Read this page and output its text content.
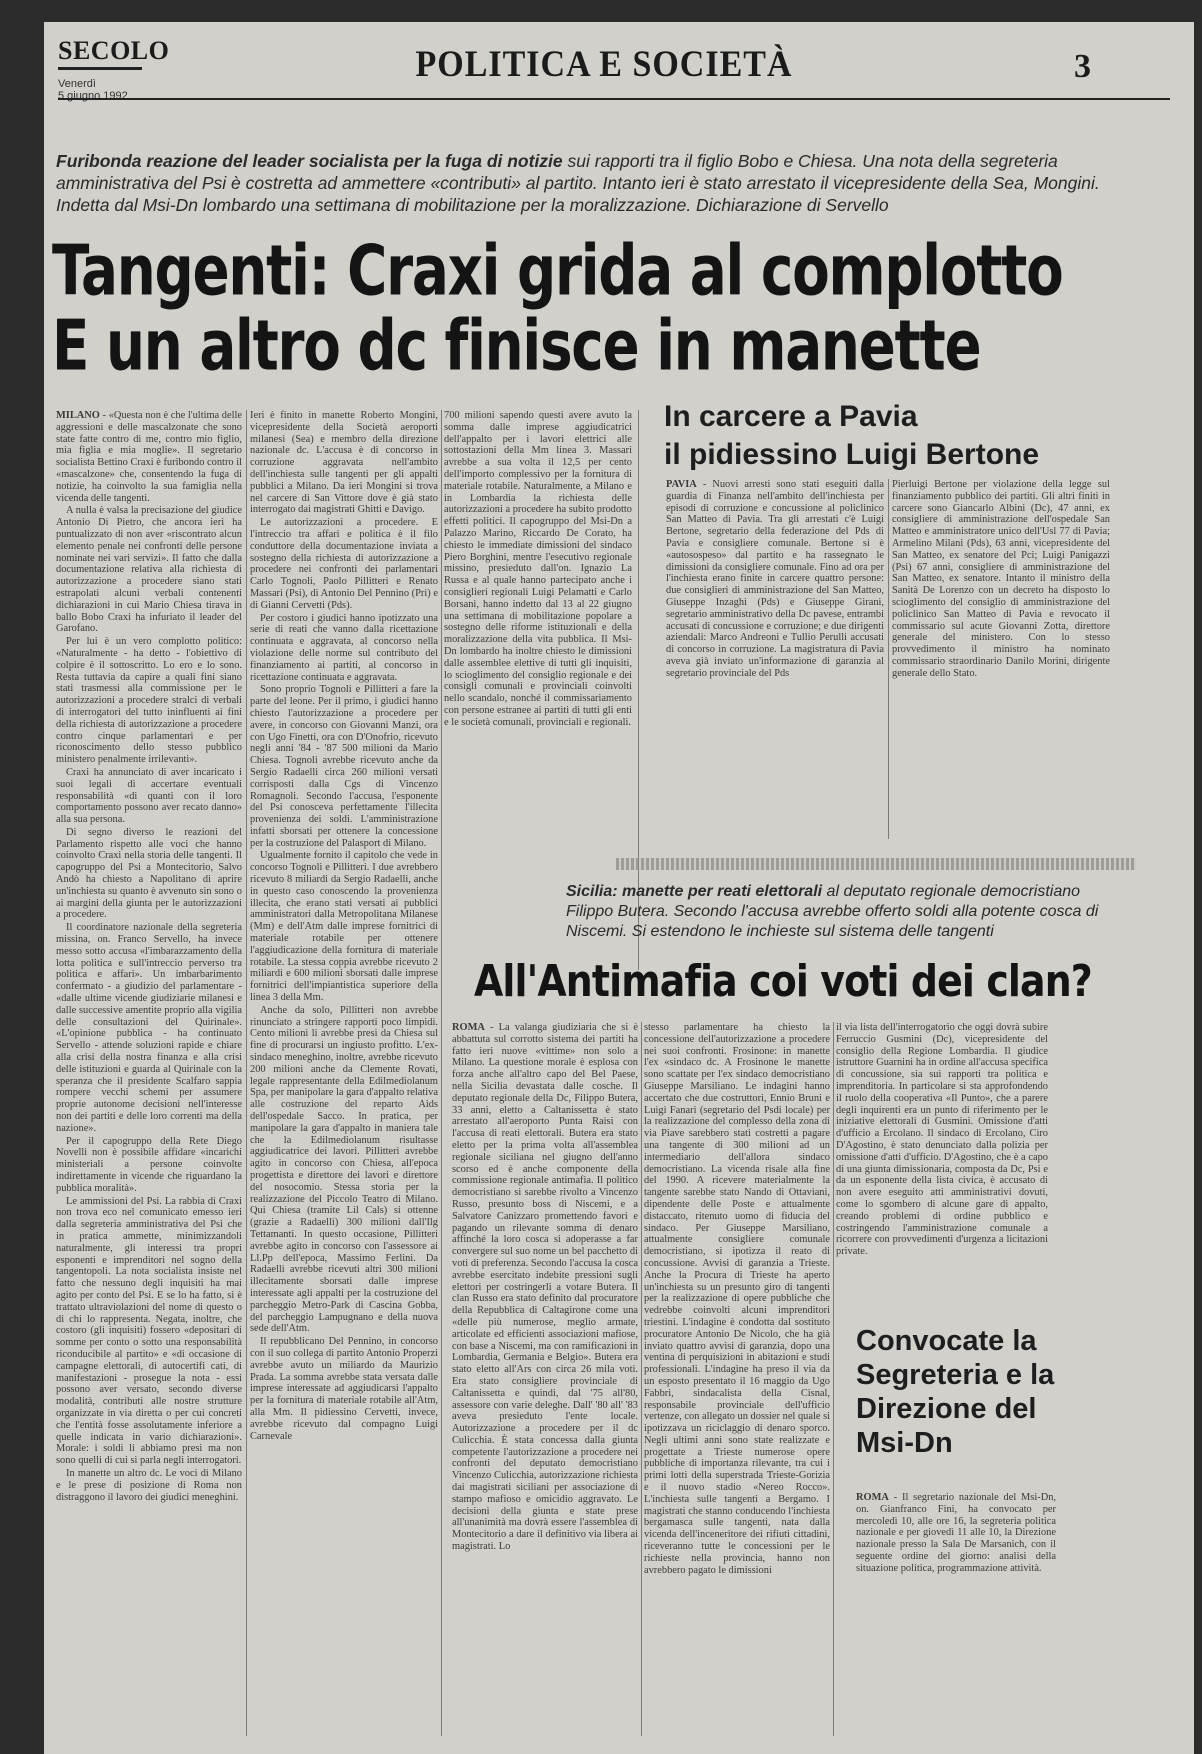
SECOLO
Venerdì
5 giugno 1992
POLITICA E SOCIETÀ	3
Furibonda reazione del leader socialista per la fuga di notizie sui rapporti tra il figlio Bobo e Chiesa. Una nota della segreteria amministrativa del Psi è costretta ad ammettere «contributi» al partito. Intanto ieri è stato arrestato il vicepresidente della Sea, Mongini. Indetta dal Msi-Dn lombardo una settimana di mobilitazione per la moralizzazione. Dichiarazione di Servello
Tangenti: Craxi grida al complotto
E un altro dc finisce in manette

MILANO - «Questa non è che l'ultima delle aggressioni e delle mascalzonate che sono state fatte contro di me, contro mio figlio, mia figlia e mia moglie». Il segretario socialista Bettino Craxi è furibondo contro il «mascalzone» che, consentendo la fuga di notizie, ha coinvolto la sua famiglia nella vicenda delle tangenti.

A nulla è valsa la precisazione del giudice Antonio Di Pietro, che ancora ieri ha puntualizzato di non aver «riscontrato alcun elemento penale nei confronti delle persone nominate nei vari servizi». Il fatto che dalla documentazione relativa alla richiesta di autorizzazione a procedere siano stati estrapolati alcuni verbali contenenti dichiarazioni in cui Mario Chiesa tirava in ballo Bobo Craxi ha infuriato il leader del Garofano.

Per lui è un vero complotto politico: «Naturalmente - ha detto - l'obiettivo di colpire è il sottoscritto. Lo ero e lo sono. Resta tuttavia da capire a quali fini siano stati trasmessi alla commissione per le autorizzazioni a procedere stralci di verbali di interrogatori del tutto ininfluenti ai fini della richiesta di autorizzazione a procedere contro cinque parlamentari e per riconoscimento dello stesso pubblico ministero penalmente irrilevanti».

Craxi ha annunciato di aver incaricato i suoi legali di accertare eventuali responsabilità «di quanti con il loro comportamento possono aver recato danno» alla sua persona.

Di segno diverso le reazioni del Parlamento rispetto alle voci che hanno coinvolto Craxi nella storia delle tangenti. Il capogruppo del Psi a Montecitorio, Salvo Andò ha chiesto a Napolitano di aprire un'inchiesta su quanto è avvenuto sin sono o ai margini della giunta per le autorizzazioni a procedere.

Il coordinatore nazionale della segreteria missina, on. Franco Servello, ha invece messo sotto accusa «l'imbarazzamento della lotta politica e sull'intreccio perverso tra politica e affari». Un imbarbarimento confermato - a giudizio del parlamentare - «dalle ultime vicende giudiziarie milanesi e dalle successive amentite proprio alla vigilia delle consultazioni del Quirinale». «L'opinione pubblica - ha continuato Servello - attende soluzioni rapide e chiare alla crisi della nostra finanza e alla crisi delle istituzioni e guarda al Quirinale con la speranza che il presidente Scalfaro sappia rompere vecchi schemi per assumere proprie autonome decisioni nell'interesse non dei partiti e delle loro correnti ma della nazione».

Per il capogruppo della Rete Diego Novelli non è possibile affidare «incarichi ministeriali a persone coinvolte indirettamente in vicende che riguardano la pubblica moralità».

Le ammissioni del Psi. La rabbia di Craxi non trova eco nel comunicato emesso ieri dalla segreteria amministrativa del Psi che in pratica ammette, minimizzandoli naturalmente, gli interessi tra propri esponenti e imprenditori nel sogno della tangentopoli. La nota socialista insiste nel fatto che nessuno degli inquisiti ha mai agito per conto del Psi. E se lo ha fatto, si è trattato ultraviolazioni del nome di questo o di chi lo rappresenta. Negata, inoltre, che costoro (gli inquisiti) fossero «depositari di somme per conto o sotto una responsabilità riconducibile al partito» e «di occasione di campagne elettorali, di autocertifi cati, di manifestazioni - prosegue la nota - essi possono aver versato, secondo diverse modalità, contributi alle nostre strutture organizzate in via diretta o per cui concreti che l'entità fosse assolutamente inferiore a quelle indicata in vario dichiarazioni». Morale: i soldi li abbiamo presi ma non sono quelli di cui si parla negli interrogatori.

In manette un altro dc. Le voci di Milano e le prese di posizione di Roma non distraggono il lavoro dei giudici meneghini.

Ieri è finito in manette Roberto Mongini, vicepresidente della Società aeroporti milanesi (Sea) e membro della direzione nazionale dc. L'accusa è di concorso in corruzione aggravata nell'ambito dell'inchiesta sulle tangenti per gli appalti pubblici a Milano. Da ieri Mongini si trova nel carcere di San Vittore dove è già stato interrogato dai magistrati Ghitti e Davigo.

Le autorizzazioni a procedere. E l'intreccio tra affari e politica è il filo conduttore della documentazione inviata a sostegno della richiesta di autorizzazione a procedere nei confronti dei parlamentari Carlo Tognoli, Paolo Pillitteri e Renato Massari (Psi), di Antonio Del Pennino (Pri) e di Gianni Cervetti (Pds).

Per costoro i giudici hanno ipotizzato una serie di reati che vanno dalla ricettazione continuata e aggravata, al concorso nella violazione delle norme sul contributo del finanziamento ai partiti, al concorso in ricettazione continuata e aggravata.

Sono proprio Tognoli e Pillitteri a fare la parte del leone. Per il primo, i giudici hanno chiesto l'autorizzazione a procedere per avere, in concorso con Giovanni Manzi, ora con Ugo Finetti, ora con D'Onofrio, ricevuto negli anni '84 - '87 500 milioni da Mario Chiesa. Tognoli avrebbe ricevuto anche da Sergio Radaelli circa 260 milioni versati corrisposti dalla Cgs di Vincenzo Romagnoli. Secondo l'accusa, l'esponente del Psi conosceva perfettamente l'illecita provenienza dei soldi. L'amministrazione infatti sborsati per ottenere la concessione per la costruzione del Palasport di Milano.

Ugualmente fornito il capitolo che vede in concorso Tognoli e Pillitteri. I due avrebbero ricevuto 8 miliardi da Sergio Radaelli, anche in questo caso conoscendo la provenienza illecita, che erano stati versati ai pubblici amministratori dalla Metropolitana Milanese (Mm) e dell'Atm dalle imprese fornitrici di materiale rotabile per ottenere l'aggiudicazione della fornitura di materiale rotabile. La stessa coppia avrebbe ricevuto 2 miliardi e 600 milioni sborsati dalle imprese fornitrici dell'impiantistica superiore della linea 3 della Mm.

Anche da solo, Pillitteri non avrebbe rinunciato a stringere rapporti poco limpidi. Cento milioni li avrebbe presi da Chiesa sul fine di procurarsi un ingiusto profitto. L'ex-sindaco meneghino, inoltre, avrebbe ricevuto 200 milioni anche da Clemente Rovati, legale rappresentante della Edilmediolanum Spa, per manipolare la gara d'appalto relativa alle costruzione del reparto Aids dell'ospedale Sacco. In pratica, per manipolare la gara d'appalto in maniera tale che la Edilmediolanum risultasse aggiudicatrice dei lavori. Pillitteri avrebbe agito in concorso con Chiesa, all'epoca progettista e direttore dei lavori e direttore del nosocomio. Stessa storia per la realizzazione del Piccolo Teatro di Milano. Qui Chiesa (tramite Lil Cals) si ottenne (grazie a Radaelli) 300 milioni dall'Ilg Tettamanti. In questo occasione, Pillitteri avrebbe agito in concorso con l'assessore ai Ll.Pp dell'epoca, Massimo Ferlini. Da Radaelli avrebbe ricevuti altri 300 milioni illecitamente sborsati dalle imprese interessate agli appalti per la costruzione del parcheggio Metro-Park di Cascina Gobba, del parcheggio Lampugnano e della nuova sede dell'Atm.

Il repubblicano Del Pennino, in concorso con il suo collega di partito Antonio Properzi avrebbe avuto un miliardo da Maurizio Prada. La somma avrebbe stata versata dalle imprese interessate ad aggiudicarsi l'appalto per la fornitura di materiale rotabile all'Atm, alla Mm. Il pidiessino Cervetti, invece, avrebbe ricevuto dal compagno Luigi Carnevale

700 milioni sapendo questi avere avuto la somma dalle imprese aggiudicatrici dell'appalto per i lavori elettrici alle sottostazioni della Mm linea 3. Massari avrebbe a sua volta il 12,5 per cento dell'importo complessivo per la fornitura di materiale rotabile. Naturalmente, a Milano e in Lombardia la richiesta delle autorizzazioni a procedere ha subito prodotto effetti politici. Il capogruppo del Msi-Dn a Palazzo Marino, Riccardo De Corato, ha chiesto le immediate dimissioni del sindaco Piero Borghini, mentre l'esecutivo regionale missino, presieduto dall'on. Ignazio La Russa e al quale hanno partecipato anche i consiglieri regionali Luigi Pelamatti e Carlo Borsani, hanno indetto dal 13 al 22 giugno una settimana di mobilitazione popolare a sostegno delle riforme istituzionali e della moralizzazione della vita pubblica. Il Msi-Dn lombardo ha inoltre chiesto le dimissioni dalle assemblee elettive di tutti gli inquisiti, lo scioglimento del consiglio regionale e dei consigli comunali e provinciali coinvolti nello scandalo, nonché il commissariamento con persone estranee ai partiti di tutti gli enti e le società comunali, provinciali e regionali.

In carcere a Pavia
il pidiessino Luigi Bertone

PAVIA - Nuovi arresti sono stati eseguiti dalla guardia di Finanza nell'ambito dell'inchiesta per episodi di corruzione e concussione al policlinico San Matteo di Pavia. Tra gli arrestati c'è Luigi Bertone, segretario della federazione del Pds di Pavia e consigliere comunale. Bertone si è «autosospeso» dal partito e ha rassegnato le dimissioni da consigliere comunale. Fino ad ora per l'inchiesta erano finite in carcere quattro persone: due consiglieri di amministrazione del San Matteo, Giuseppe Inzaghi (Pds) e Giuseppe Girani, segretario amministrativo della Dc pavese, entrambi accusati di concussione e corruzione; e due dirigenti aziendali: Marco Andreoni e Tullio Perulli accusati di concorso in corruzione. La magistratura di Pavia aveva già inviato un'informazione di garanzia al segretario provinciale del Pds

Pierluigi Bertone per violazione della legge sul finanziamento pubblico dei partiti. Gli altri finiti in carcere sono Giancarlo Albini (Dc), 47 anni, ex consigliere di amministrazione dell'ospedale San Matteo e amministratore unico dell'Usl 77 di Pavia; Armelino Milani (Pds), 63 anni, vicepresidente del San Matteo, ex senatore del Pci; Luigi Panigazzi (Psi) 67 anni, consigliere di amministrazione del San Matteo, ex senatore. Intanto il ministro della Sanità De Lorenzo con un decreto ha disposto lo scioglimento del consiglio di amministrazione del policlinico San Matteo di Pavia e revocato il commissario sul acute Giovanni Zotta, direttore generale del ministero. Con lo stesso provvedimento il ministro ha nominato commissario straordinario Danilo Morini, dirigente generale dello Stato.

Sicilia: manette per reati elettorali al deputato regionale democristiano Filippo Butera. Secondo l'accusa avrebbe offerto soldi alla potente cosca di Niscemi. Si estendono le inchieste sul sistema delle tangenti
All'Antimafia coi voti dei clan?

ROMA - La valanga giudiziaria che si è abbattuta sul corrotto sistema dei partiti ha fatto ieri nuove «vittime» non solo a Milano. La questione morale è esplosa con forza anche all'altro capo del Bel Paese, nella Sicilia devastata dalle cosche. Il deputato regionale della Dc, Filippo Butera, 33 anni, eletto a Caltanissetta è stato arrestato all'aeroporto Punta Raisi con l'accusa di reati elettorali. Butera era stato eletto per la prima volta all'assemblea regionale siciliana nel giugno dell'anno scorso ed è anche componente della commissione regionale antimafia. Il politico democristiano si sarebbe rivolto a Vincenzo Russo, presunto boss di Niscemi, e a Salvatore Canizzaro promettendo favori e pagando un rilevante somma di denaro affinché la loro cosca si adoperasse a far convergere sul suo nome un bel pacchetto di voti di preferenza. Secondo l'accusa la cosca avrebbe esercitato indebite pressioni sugli elettori per costringerli a votare Butera. Il clan Russo era stato definito dal procuratore della Repubblica di Caltagirone come una «delle più numerose, meglio armate, articolate ed efficienti associazioni mafiose, con base a Niscemi, ma con ramificazioni in Lombardia, Germania e Belgio». Butera era stato eletto all'Ars con circa 26 mila voti. Era stato consigliere provinciale di Caltanissetta e quindi, dal '75 all'80, assessore con varie deleghe. Dall' '80 all' '83 aveva presieduto l'ente locale. Autorizzazione a procedere per il dc Culicchia. È stata concessa dalla giunta competente l'autorizzazione a procedere nei confronti del deputato democristiano Vincenzo Culicchia, autorizzazione richiesta dai magistrati siciliani per associazione di stampo mafioso e omicidio aggravato. Le decisioni della giunta e state prese all'unanimità ma dovrà essere l'assemblea di Montecitorio a dare il definitivo via libera ai magistrati. Lo

stesso parlamentare ha chiesto la concessione dell'autorizzazione a procedere nei suoi confronti. Frosinone: in manette l'ex «sindaco dc. A Frosinone le manette sono scattate per l'ex sindaco democristiano Giuseppe Marsiliano. Le indagini hanno accertato che due costruttori, Ennio Bruni e Luigi Fanari (segretario del Psdi locale) per la realizzazione del complesso della zona di via Piave sarebbero stati costretti a pagare una tangente di 300 milioni ad un intermediario dell'allora sindaco democristiano. La vicenda risale alla fine del 1990. A ricevere materialmente la tangente sarebbe stato Nando di Ottaviani, dipendente delle Poste e attualmente distaccato, ritenuto uomo di fiducia del sindaco. Per Giuseppe Marsiliano, attualmente consigliere comunale democristiano, si ipotizza il reato di concussione. Avvisi di garanzia a Trieste. Anche la Procura di Trieste ha aperto un'inchiesta su un presunto giro di tangenti per la realizzazione di opere pubbliche che vedrebbe coinvolti alcuni imprenditori triestini. L'indagine è condotta dal sostituto procuratore Antonio De Nicolo, che ha già inviato quattro avvisi di garanzia, dopo una ventina di perquisizioni in abitazioni e studi professionali. L'indagine ha preso il via da un esposto presentato il 16 maggio da Ugo Fabbri, sindacalista della Cisnal, responsabile provinciale dell'ufficio vertenze, con allegato un dossier nel quale si ipotizzava un riciclaggio di denaro sporco. Negli ultimi anni sono state realizzate e progettate a Trieste numerose opere pubbliche di importanza rilevante, tra cui i primi lotti della superstrada Trieste-Gorizia e il nuovo stadio «Nereo Rocco». L'inchiesta sulle tangenti a Bergamo. I magistrati che stanno conducendo l'inchiesta bergamasca sulle tangenti, nata dalla vicenda dell'inceneritore dei rifiuti cittadini, riceveranno tutte le concessioni per le richieste nella provincia, hanno non avrebbero pagato le dimissioni

il via lista dell'interrogatorio che oggi dovrà subire Ferruccio Gusmini (Dc), vicepresidente del consiglio della Regione Lombardia. Il giudice istruttore Guarnini ha in ordine all'accusa specifica di concussione, sia sui rapporti tra politica e imprenditoria. In particolare si sta approfondendo il ruolo della cooperativa «Il Punto», che a parere degli inquirenti era un punto di riferimento per le iniziative elettorali di Gusmini. Omissione d'atti d'ufficio a Ercolano. Il sindaco di Ercolano, Ciro D'Agostino, è stato denunciato dalla polizia per omissione d'atti d'ufficio. D'Agostino, che è a capo di una giunta dimissionaria, composta da Dc, Psi e da un esponente della lista civica, è accusato di non avere eseguito atti amministrativi dovuti, come lo sgombero di alcune gare di appalto, creando problemi di ordine pubblico e costringendo l'amministrazione comunale a ricorrere con provvedimenti d'urgenza a licitazioni private.

Convocate la Segreteria e la Direzione del Msi-Dn

ROMA - Il segretario nazionale del Msi-Dn, on. Gianfranco Fini, ha convocato per mercoledì 10, alle ore 16, la segreteria politica nazionale e per giovedì 11 alle 10, la Direzione nazionale presso la Sala De Marsanich, con il seguente ordine del giorno: analisi della situazione politica, programmazione attività.
